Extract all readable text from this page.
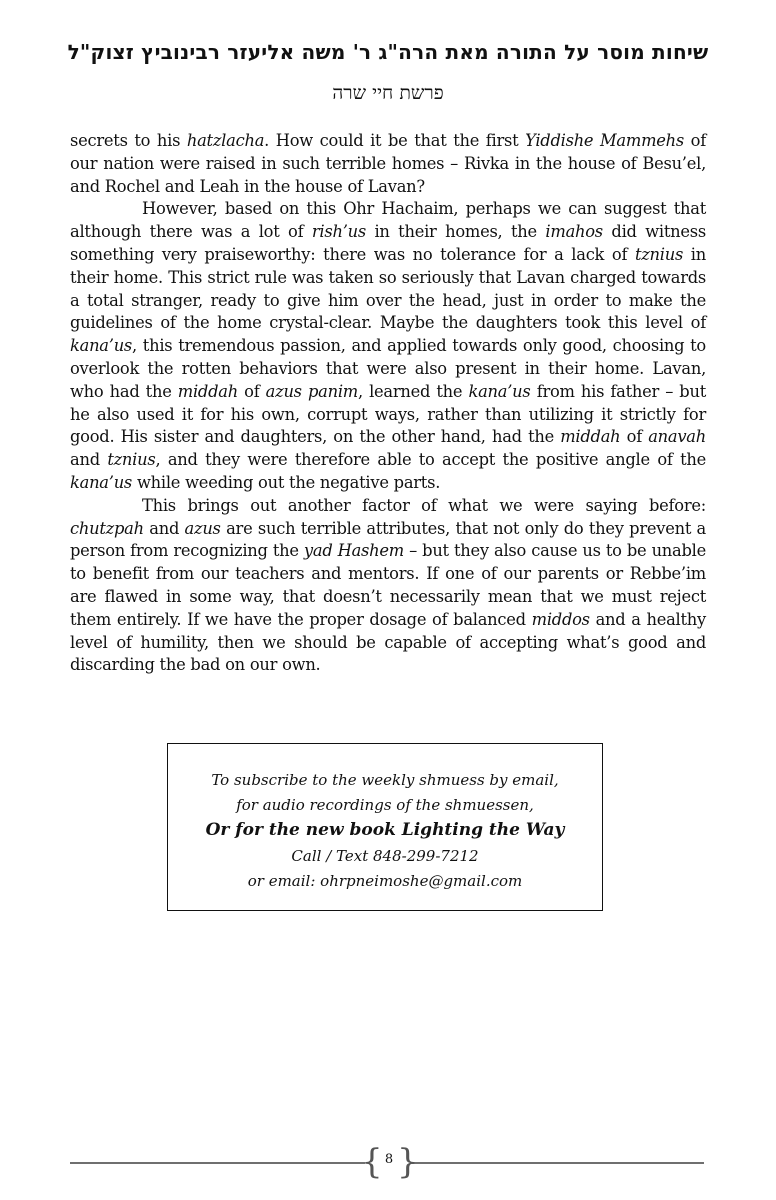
שיחות מוסר על התורה מאת הרה"ג ר' משה אליעזר רבינוביץ זצוק"ל
פרשת חיי שרה

secrets to his hatzlacha. How could it be that the first Yiddishe Mammehs of our nation were raised in such terrible homes – Rivka in the house of Besu’el, and Rochel and Leah in the house of Lavan?

However, based on this Ohr Hachaim, perhaps we can suggest that although there was a lot of rish’us in their homes, the imahos did witness something very praiseworthy: there was no tolerance for a lack of tznius in their home. This strict rule was taken so seriously that Lavan charged towards a total stranger, ready to give him over the head, just in order to make the guidelines of the home crystal-clear. Maybe the daughters took this level of kana’us, this tremendous passion, and applied towards only good, choosing to overlook the rotten behaviors that were also present in their home. Lavan, who had the middah of azus panim, learned the kana’us from his father – but he also used it for his own, corrupt ways, rather than utilizing it strictly for good. His sister and daughters, on the other hand, had the middah of anavah and tznius, and they were therefore able to accept the positive angle of the kana’us while weeding out the negative parts.

This brings out another factor of what we were saying before: chutzpah and azus are such terrible attributes, that not only do they prevent a person from recognizing the yad Hashem – but they also cause us to be unable to benefit from our teachers and mentors. If one of our parents or Rebbe’im are flawed in some way, that doesn’t necessarily mean that we must reject them entirely. If we have the proper dosage of balanced middos and a healthy level of humility, then we should be capable of accepting what’s good and discarding the bad on our own.

To subscribe to the weekly shmuess by email,
for audio recordings of the shmuessen,
Or for the new book Lighting the Way
Call / Text 848-299-7212
or email: ohrpneimoshe@gmail.com
{ }
8
